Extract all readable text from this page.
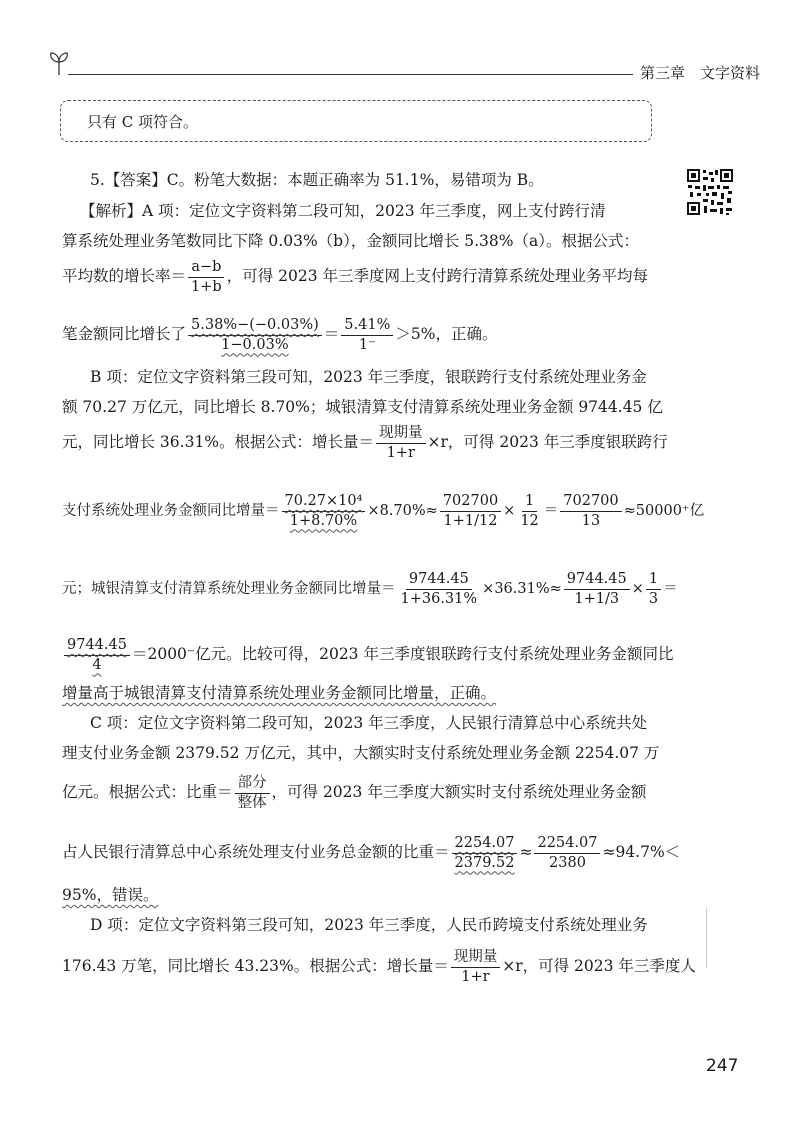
第三章　文字资料
只有 C 项符合。
5.【答案】C。粉笔大数据：本题正确率为 51.1%，易错项为 B。
【解析】A 项：定位文字资料第二段可知，2023 年三季度，网上支付跨行清
算系统处理业务笔数同比下降 0.03%（b），金额同比增长 5.38%（a）。根据公式：
平均数的增长率＝ $\frac{a-b}{1+b}$ ，可得 2023 年三季度网上支付跨行清算系统处理业务平均每
笔金额同比增长了 $\frac{5.38\%-(-0.03\%)}{1-0.03\%} = \frac{5.41\%}{1^-} >5\%$，正确。
B 项：定位文字资料第三段可知，2023 年三季度，银联跨行支付系统处理业务金
额 70.27 万亿元，同比增长 8.70%；城银清算支付清算系统处理业务金额 9744.45 亿
元，同比增长 36.31%。根据公式：增长量＝ $\frac{\text{现期量}}{1+r} \times r$，可得 2023 年三季度银联跨行
支付系统处理业务金额同比增量＝ $\frac{\text{70.27×10⁴}}{1+8.70\%} \times 8.70\%\approx \frac{702700}{1+1/12} \times \frac{1}{12} = \frac{702700}{13} \approx 50000^+$亿
元；城银清算支付清算系统处理业务金额同比增量＝ $\frac{9744.45}{1+36.31\%} \times 36.31\%\approx \frac{9744.45}{1+1/3} \times \frac{1}{3}$ ＝
$\frac{9744.45}{4} =2000^-$亿元。比较可得，2023 年三季度银联跨行支付系统处理业务金额同比
增量高于城银清算支付清算系统处理业务金额同比增量，正确。
C 项：定位文字资料第二段可知，2023 年三季度，人民银行清算总中心系统共处
理支付业务金额 2379.52 万亿元，其中，大额实时支付系统处理业务金额 2254.07 万
亿元。根据公式：比重＝ $\frac{\text{部分}}{\text{整体}}$ ，可得 2023 年三季度大额实时支付系统处理业务金额
占人民银行清算总中心系统处理支付业务总金额的比重＝ $\frac{2254.07}{2379.52} \approx \frac{2254.07}{2380} \approx 94.7\%<$
95%，错误。
D 项：定位文字资料第三段可知，2023 年三季度，人民币跨境支付系统处理业务
176.43 万笔，同比增长 43.23%。根据公式：增长量＝ $\frac{\text{现期量}}{1+r} \times r$，可得 2023 年三季度人
247
